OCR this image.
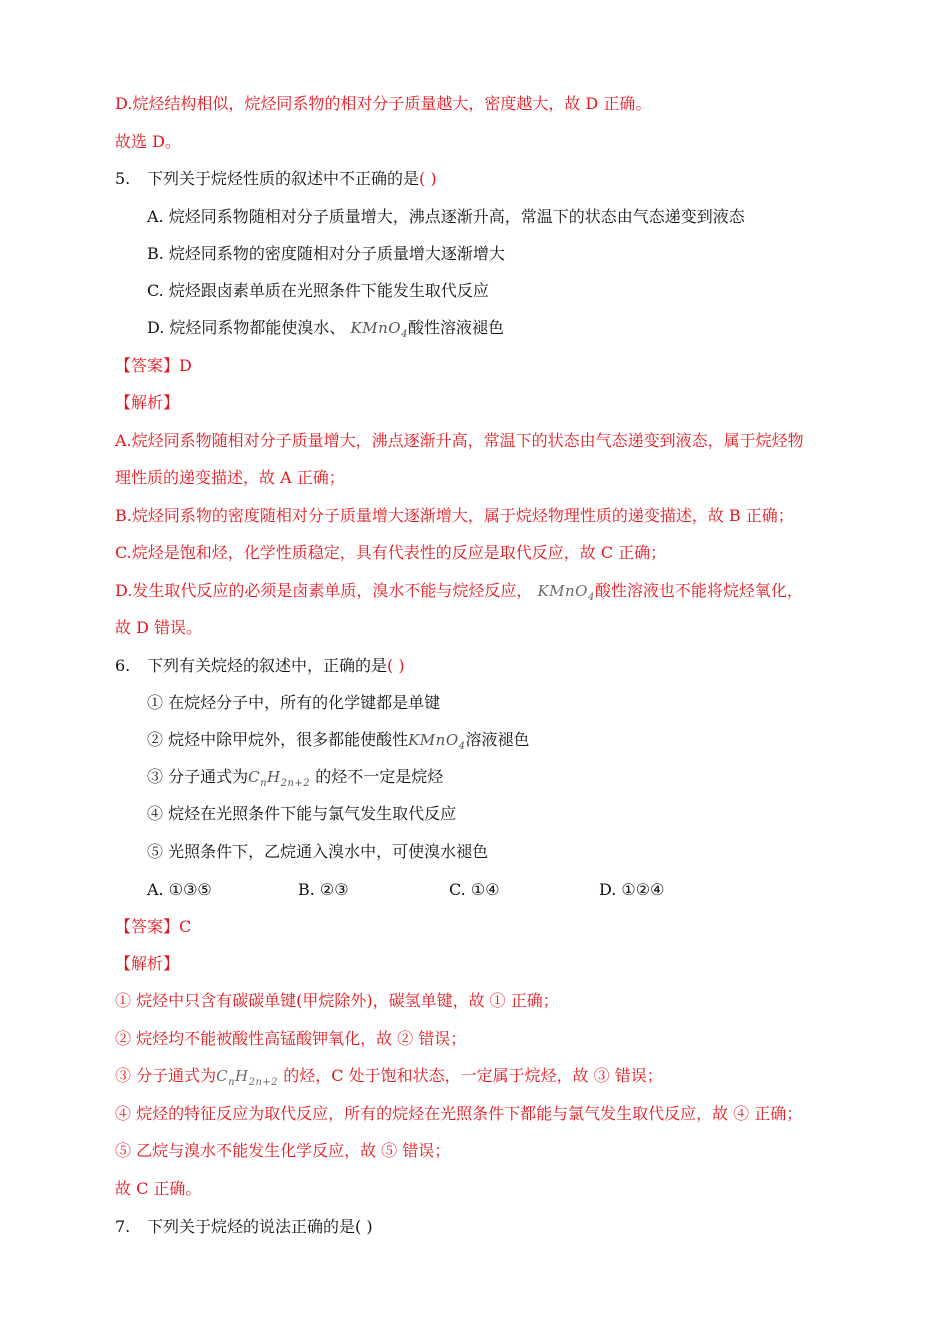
D.烷烃结构相似，烷烃同系物的相对分子质量越大，密度越大，故 D 正确。
故选 D。
5. 下列关于烷烃性质的叙述中不正确的是( )
A. 烷烃同系物随相对分子质量增大，沸点逐渐升高，常温下的状态由气态递变到液态
B. 烷烃同系物的密度随相对分子质量增大逐渐增大
C. 烷烃跟卤素单质在光照条件下能发生取代反应
D. 烷烃同系物都能使溴水、 KMnO$_4$酸性溶液褪色
【答案】D
【解析】
A.烷烃同系物随相对分子质量增大，沸点逐渐升高，常温下的状态由气态递变到液态，属于烷烃物
理性质的递变描述，故 A 正确；
B.烷烃同系物的密度随相对分子质量增大逐渐增大，属于烷烃物理性质的递变描述，故 B 正确；
C.烷烃是饱和烃，化学性质稳定，具有代表性的反应是取代反应，故 C 正确；
D.发生取代反应的必须是卤素单质，溴水不能与烷烃反应， KMnO$_4$酸性溶液也不能将烷烃氧化，
故 D 错误。
6. 下列有关烷烃的叙述中，正确的是( )
① 在烷烃分子中，所有的化学键都是单键
② 烷烃中除甲烷外，很多都能使酸性KMnO$_4$溶液褪色
③ 分子通式为$C_nH_{2n+2}$ 的烃不一定是烷烃
④ 烷烃在光照条件下能与氯气发生取代反应
⑤ 光照条件下，乙烷通入溴水中，可使溴水褪色
A. ①③⑤	B. ②③	C. ①④	D. ①②④
【答案】C
【解析】
① 烷烃中只含有碳碳单键(甲烷除外)，碳氢单键，故 ① 正确；
② 烷烃均不能被酸性高锰酸钾氧化，故 ② 错误；
③ 分子通式为$C_nH_{2n+2}$ 的烃，C 处于饱和状态，一定属于烷烃，故 ③ 错误；
④ 烷烃的特征反应为取代反应，所有的烷烃在光照条件下都能与氯气发生取代反应，故 ④ 正确；
⑤ 乙烷与溴水不能发生化学反应，故 ⑤ 错误；
故 C 正确。
7. 下列关于烷烃的说法正确的是( )
